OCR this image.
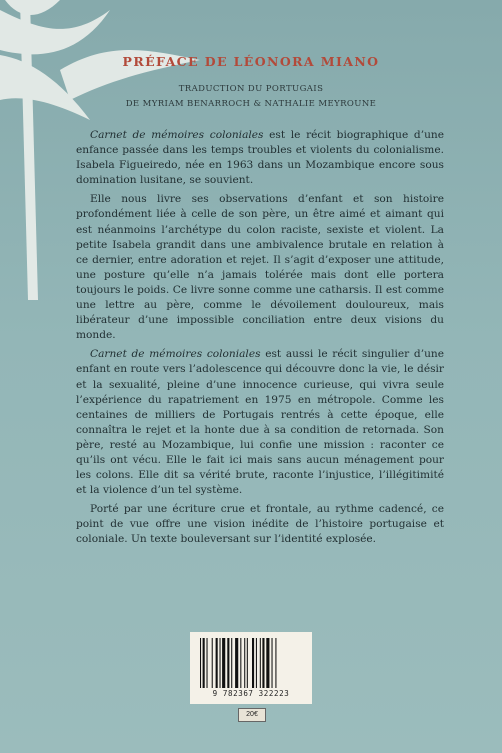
PRÉFACE DE LÉONORA MIANO
TRADUCTION DU PORTUGAIS
DE MYRIAM BENARROCH & NATHALIE MEYROUNE

Carnet de mémoires coloniales est le récit biographique d’une enfance passée dans les temps troubles et violents du colonialisme. Isabela Figueiredo, née en 1963 dans un Mozambique encore sous domination lusitane, se souvient.

Elle nous livre ses observations d’enfant et son histoire profondément liée à celle de son père, un être aimé et aimant qui est néanmoins l’archétype du colon raciste, sexiste et violent. La petite Isabela grandit dans une ambivalence brutale en relation à ce dernier, entre adoration et rejet. Il s’agit d’exposer une attitude, une posture qu’elle n’a jamais tolérée mais dont elle portera toujours le poids. Ce livre sonne comme une catharsis. Il est comme une lettre au père, comme le dévoilement douloureux, mais libérateur d’une impossible conciliation entre deux visions du monde.

Carnet de mémoires coloniales est aussi le récit singulier d’une enfant en route vers l’adolescence qui découvre donc la vie, le désir et la sexualité, pleine d’une innocence curieuse, qui vivra seule l’expérience du rapatriement en 1975 en métropole. Comme les centaines de milliers de Portugais rentrés à cette époque, elle connaîtra le rejet et la honte due à sa condition de retornada. Son père, resté au Mozambique, lui confie une mission : raconter ce qu’ils ont vécu. Elle le fait ici mais sans aucun ménagement pour les colons. Elle dit sa vérité brute, raconte l’injustice, l’illégitimité et la violence d’un tel système.

Porté par une écriture crue et frontale, au rythme cadencé, ce point de vue offre une vision inédite de l’histoire portugaise et coloniale. Un texte bouleversant sur l’identité explosée.

9 782367 322223
20€
